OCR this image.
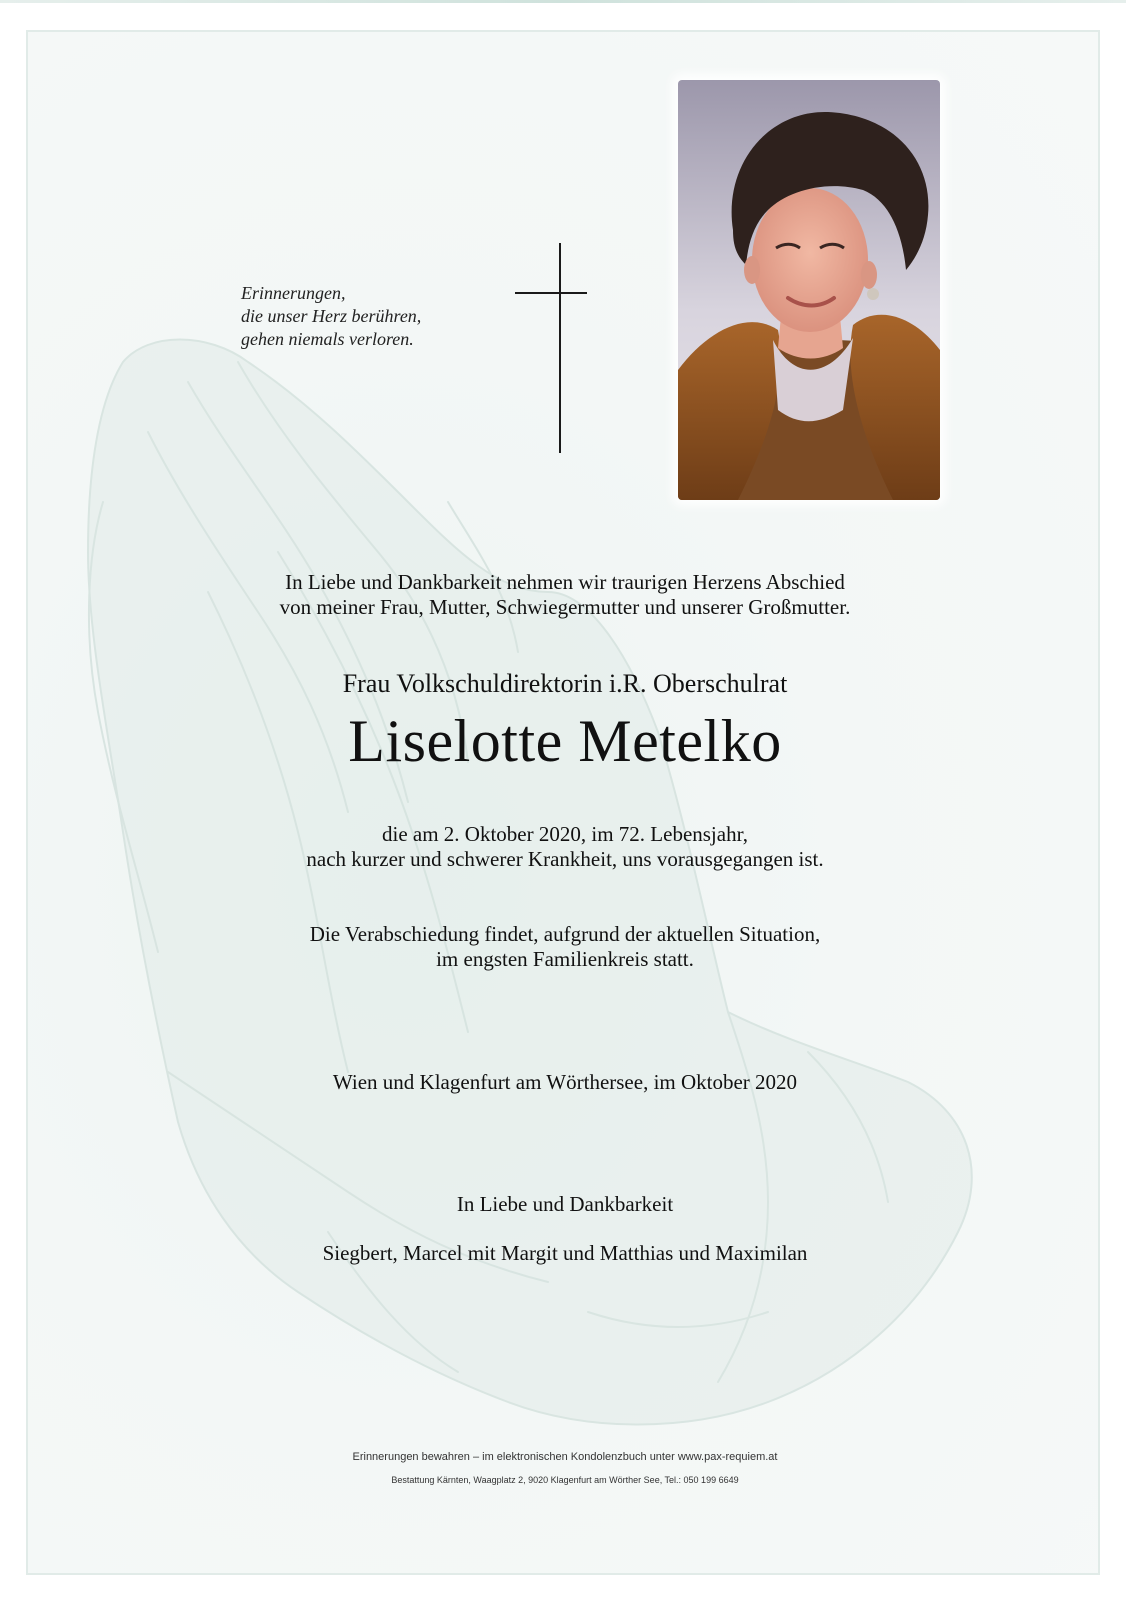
Erinnerungen,
die unser Herz berühren,
gehen niemals verloren.
In Liebe und Dankbarkeit nehmen wir traurigen Herzens Abschied
von meiner Frau, Mutter, Schwiegermutter und unserer Großmutter.
Frau Volkschuldirektorin i.R. Oberschulrat
Liselotte Metelko
die am 2. Oktober 2020, im 72. Lebensjahr,
nach kurzer und schwerer Krankheit, uns vorausgegangen ist.
Die Verabschiedung findet, aufgrund der aktuellen Situation,
im engsten Familienkreis statt.
Wien und Klagenfurt am Wörthersee, im Oktober 2020
In Liebe und Dankbarkeit
Siegbert, Marcel mit Margit und Matthias und Maximilan
Erinnerungen bewahren – im elektronischen Kondolenzbuch unter www.pax-requiem.at
Bestattung Kärnten, Waagplatz 2, 9020 Klagenfurt am Wörther See, Tel.: 050 199 6649
